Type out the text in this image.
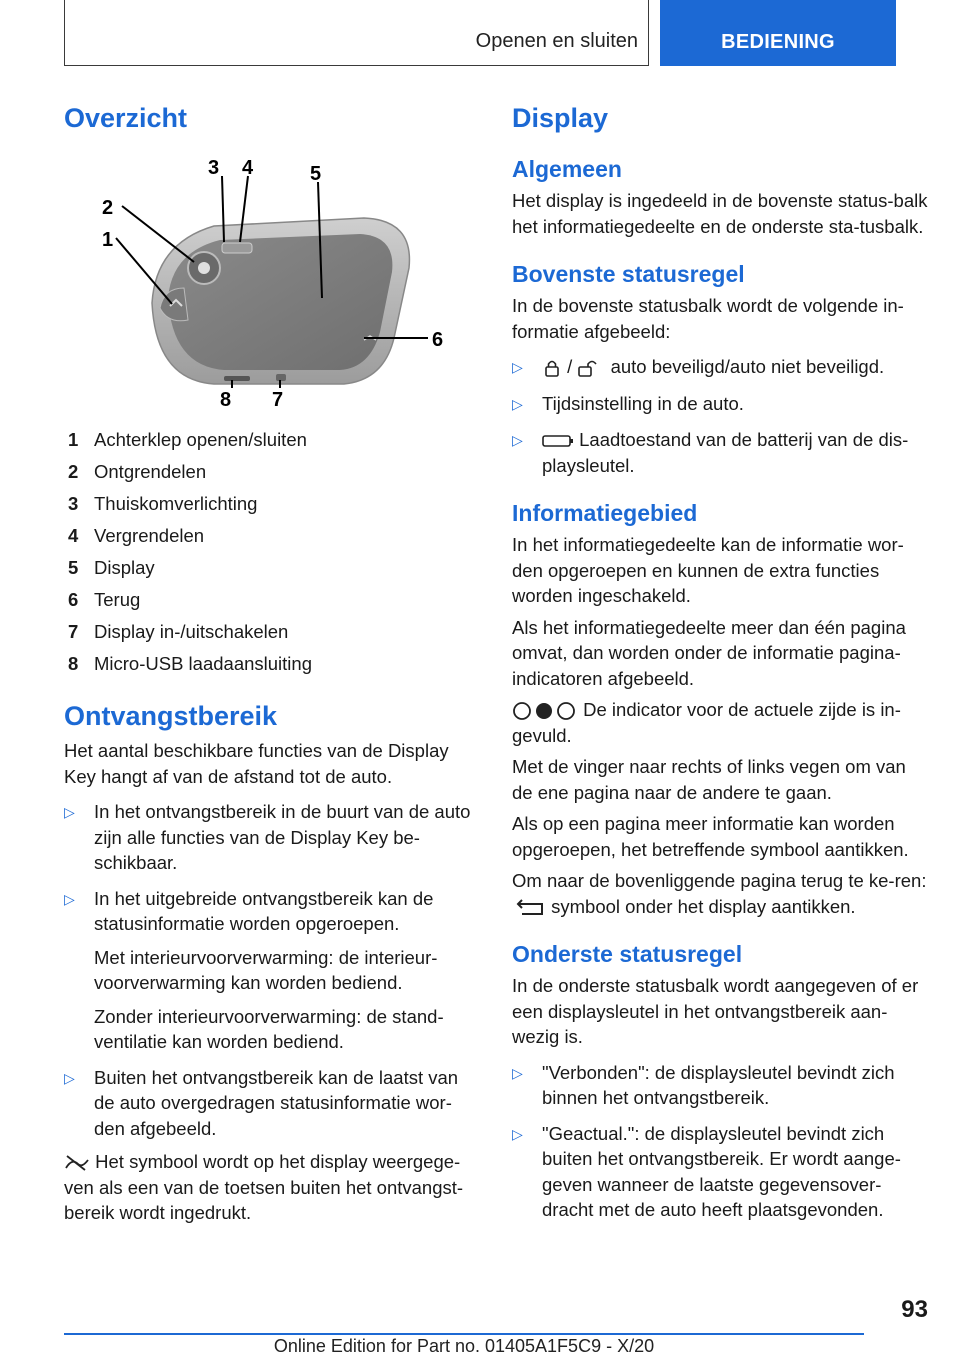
Openen en sluiten	BEDIENING
Overzicht
3 4	5
2
1
6
8 7
1 Achterklep openen/sluiten
2 Ontgrendelen
3 Thuiskomverlichting
4 Vergrendelen
5 Display
6 Terug
7 Display in-/uitschakelen
8 Micro-USB laadaansluiting
Ontvangstbereik

Het aantal beschikbare functies van de Display Key hangt af van de afstand tot de auto.

▷	In het ontvangstbereik in de buurt van de auto zijn alle functies van de Display Key be-schikbaar.
▷	In het uitgebreide ontvangstbereik kan de statusinformatie worden opgeroepen.

Met interieurvoorverwarming: de interieur-voorverwarming kan worden bediend.

Zonder interieurvoorverwarming: de stand-ventilatie kan worden bediend.

▷	Buiten het ontvangstbereik kan de laatst van de auto overgedragen statusinformatie wor-den afgebeeld.

Het symbool wordt op het display weergege-ven als een van de toetsen buiten het ontvangst-bereik wordt ingedrukt.

Display
Algemeen

Het display is ingedeeld in de bovenste status-balk het informatiegedeelte en de onderste sta-tusbalk.

Bovenste statusregel

In de bovenste statusbalk wordt de volgende in-formatie afgebeeld:

▷	/ auto beveiligd/auto niet beveiligd.
▷	Tijdsinstelling in de auto.
▷	Laadtoestand van de batterij van de dis-playsleutel.
Informatiegebied

In het informatiegedeelte kan de informatie wor-den opgeroepen en kunnen de extra functies worden ingeschakeld.

Als het informatiegedeelte meer dan één pagina omvat, dan worden onder de informatie pagina-indicatoren afgebeeld.

De indicator voor de actuele zijde is in-gevuld.

Met de vinger naar rechts of links vegen om van de ene pagina naar de andere te gaan.

Als op een pagina meer informatie kan worden opgeroepen, het betreffende symbool aantikken.

Om naar de bovenliggende pagina terug te ke-ren:  symbool onder het display aantikken.

Onderste statusregel

In de onderste statusbalk wordt aangegeven of er een displaysleutel in het ontvangstbereik aan-wezig is.

▷	"Verbonden": de displaysleutel bevindt zich binnen het ontvangstbereik.
▷	"Geactual.": de displaysleutel bevindt zich buiten het ontvangstbereik. Er wordt aange-geven wanneer de laatste gegevensover-dracht met de auto heeft plaatsgevonden.
93
Online Edition for Part no. 01405A1F5C9 - X/20
